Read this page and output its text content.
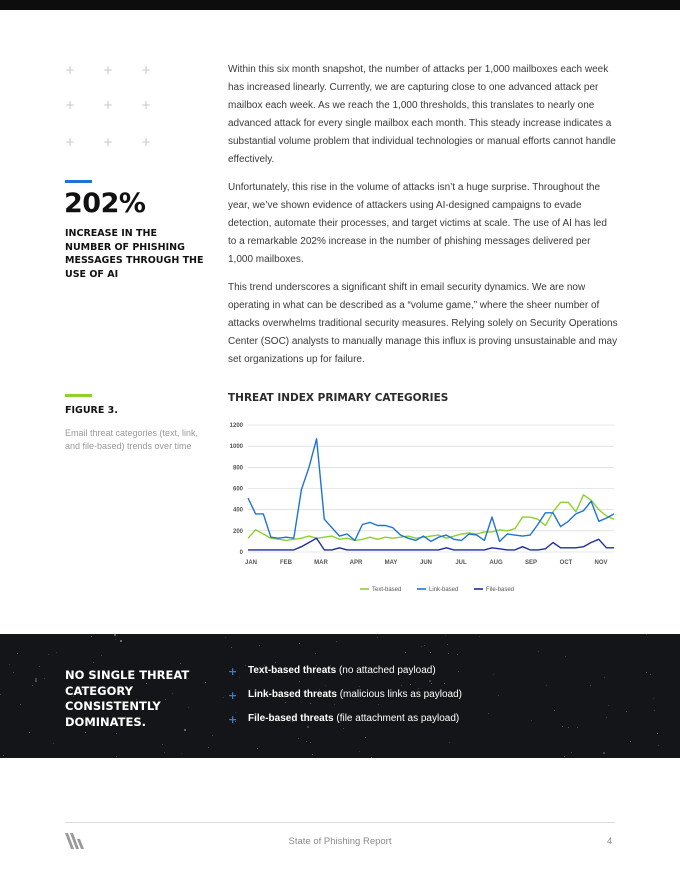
+ + +
+ + +
+ + +
202%
INCREASE IN THE NUMBER OF PHISHING MESSAGES THROUGH THE USE OF AI

Within this six month snapshot, the number of attacks per 1,000 mailboxes each week has increased linearly. Currently, we are capturing close to one advanced attack per mailbox each week. As we reach the 1,000 thresholds, this translates to nearly one advanced attack for every single mailbox each month. This steady increase indicates a substantial volume problem that individual technologies or manual efforts cannot handle effectively.

Unfortunately, this rise in the volume of attacks isn’t a huge surprise. Throughout the year, we’ve shown evidence of attackers using AI-designed campaigns to evade detection, automate their processes, and target victims at scale. The use of AI has led to a remarkable 202% increase in the number of phishing messages delivered per 1,000 mailboxes.

This trend underscores a significant shift in email security dynamics. We are now operating in what can be described as a “volume game,” where the sheer number of attacks overwhelms traditional security measures. Relying solely on Security Operations Center (SOC) analysts to manually manage this influx is proving unsustainable and may set organizations up for failure.

FIGURE 3.
Email threat categories (text, link, and file-based) trends over time
THREAT INDEX PRIMARY CATEGORIES
0
200
400
600
800
1000
1200
JAN	FEB	MAR	APR	MAY	JUN	JUL	AUG	SEP	OCT	NOV
Text-based	Link-based	File-based
NO SINGLE THREAT CATEGORY CONSISTENTLY DOMINATES.
+ Text-based threats (no attached payload)
+ Link-based threats (malicious links as payload)
+ File-based threats (file attachment as payload)
State of Phishing Report	4
